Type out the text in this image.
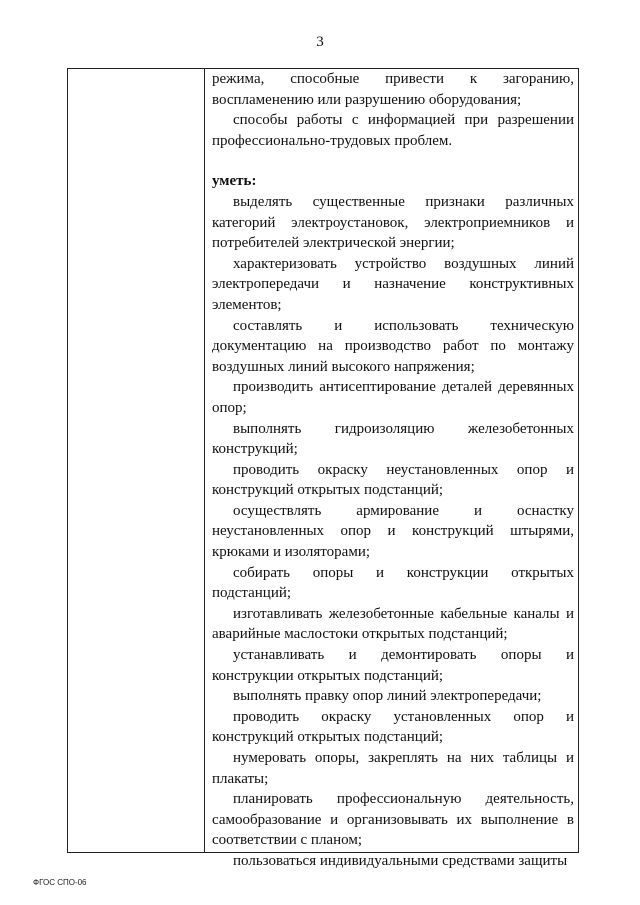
3

режима, способные привести к загоранию, воспламенению или разрушению оборудования;

способы работы с информацией при разрешении профессионально-трудовых проблем.

уметь:

выделять существенные признаки различных категорий электроустановок, электроприемников и потребителей электрической энергии;

характеризовать устройство воздушных линий электропередачи и назначение конструктивных элементов;

составлять и использовать техническую документацию на производство работ по монтажу воздушных линий высокого напряжения;

производить антисептирование деталей деревянных опор;

выполнять гидроизоляцию железобетонных конструкций;

проводить окраску неустановленных опор и конструкций открытых подстанций;

осуществлять армирование и оснастку неустановленных опор и конструкций штырями, крюками и изоляторами;

собирать опоры и конструкции открытых подстанций;

изготавливать железобетонные кабельные каналы и аварийные маслостоки открытых подстанций;

устанавливать и демонтировать опоры и конструкции открытых подстанций;

выполнять правку опор линий электропередачи;

проводить окраску установленных опор и конструкций открытых подстанций;

нумеровать опоры, закреплять на них таблицы и плакаты;

планировать профессиональную деятельность, самообразование и организовывать их выполнение в соответствии с планом;

пользоваться индивидуальными средствами защиты

ФГОС СПО-06
